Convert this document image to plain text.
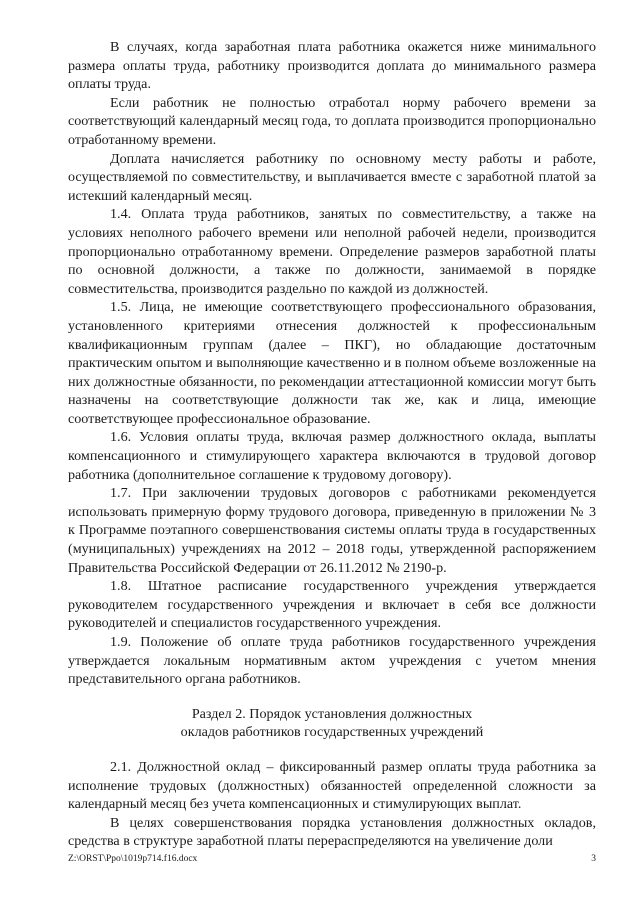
В случаях, когда заработная плата работника окажется ниже минимального размера оплаты труда, работнику производится доплата до минимального размера оплаты труда.

Если работник не полностью отработал норму рабочего времени за соответствующий календарный месяц года, то доплата производится пропорционально отработанному времени.

Доплата начисляется работнику по основному месту работы и работе, осуществляемой по совместительству, и выплачивается вместе с заработной платой за истекший календарный месяц.

1.4. Оплата труда работников, занятых по совместительству, а также на условиях неполного рабочего времени или неполной рабочей недели, производится пропорционально отработанному времени. Определение размеров заработной платы по основной должности, а также по должности, занимаемой в порядке совместительства, производится раздельно по каждой из должностей.

1.5. Лица, не имеющие соответствующего профессионального образования, установленного критериями отнесения должностей к профессиональным квалификационным группам (далее – ПКГ), но обладающие достаточным практическим опытом и выполняющие качественно и в полном объеме возложенные на них должностные обязанности, по рекомендации аттестационной комиссии могут быть назначены на соответствующие должности так же, как и лица, имеющие соответствующее профессиональное образование.

1.6. Условия оплаты труда, включая размер должностного оклада, выплаты компенсационного и стимулирующего характера включаются в трудовой договор работника (дополнительное соглашение к трудовому договору).

1.7. При заключении трудовых договоров с работниками рекомендуется использовать примерную форму трудового договора, приведенную в приложении № 3 к Программе поэтапного совершенствования системы оплаты труда в государственных (муниципальных) учреждениях на 2012 – 2018 годы, утвержденной распоряжением Правительства Российской Федерации от 26.11.2012 № 2190-р.

1.8. Штатное расписание государственного учреждения утверждается руководителем государственного учреждения и включает в себя все должности руководителей и специалистов государственного учреждения.

1.9. Положение об оплате труда работников государственного учреждения утверждается локальным нормативным актом учреждения с учетом мнения представительного органа работников.

Раздел 2. Порядок установления должностных
окладов работников государственных учреждений

2.1. Должностной оклад – фиксированный размер оплаты труда работника за исполнение трудовых (должностных) обязанностей определенной сложности за календарный месяц без учета компенсационных и стимулирующих выплат.

В целях совершенствования порядка установления должностных окладов, средства в структуре заработной платы перераспределяются на увеличение доли

Z:\ORST\Ppo\1019p714.f16.docx	3
